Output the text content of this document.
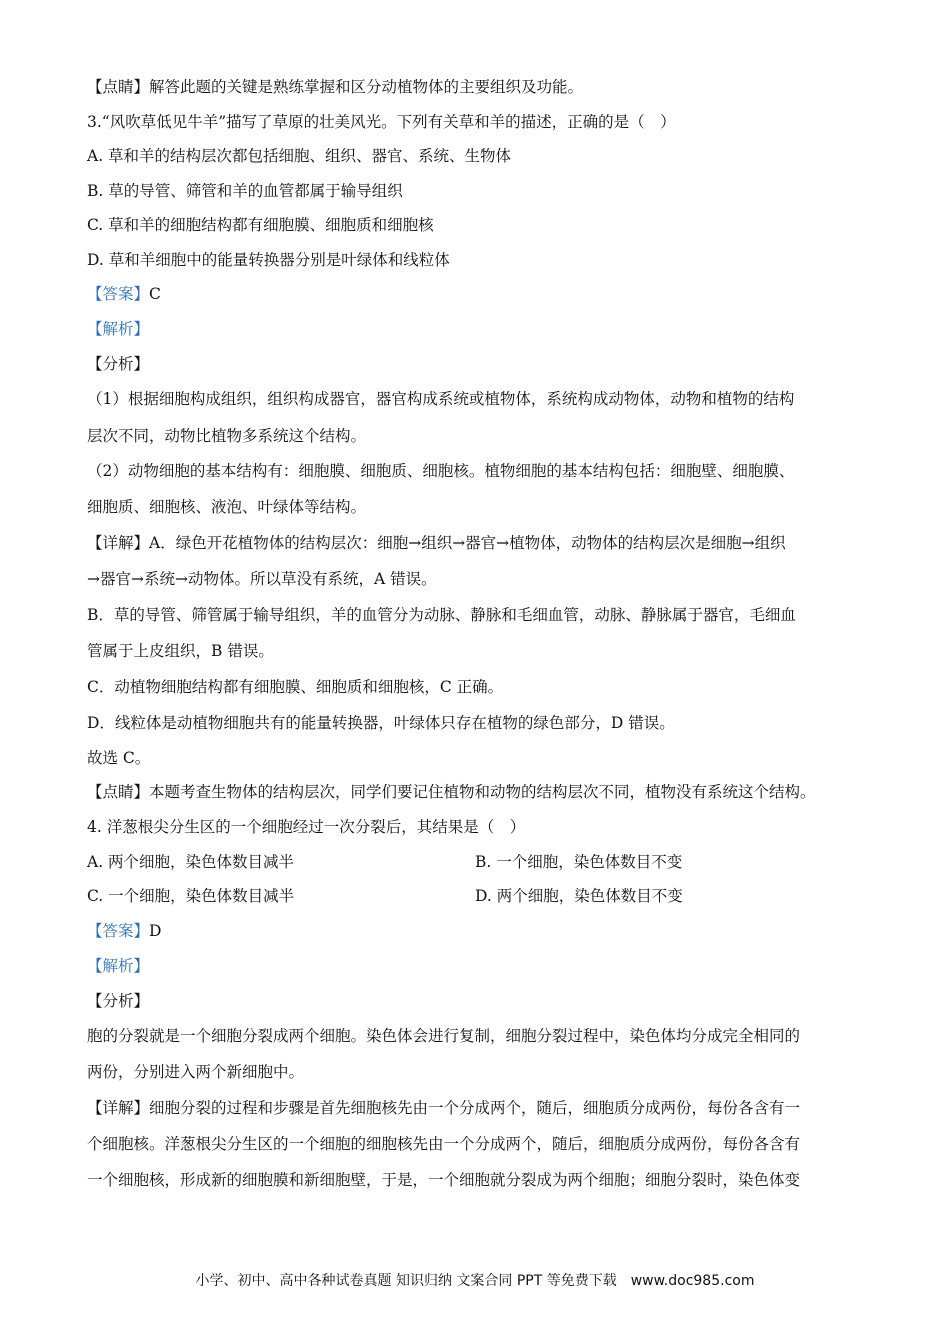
【点睛】解答此题的关键是熟练掌握和区分动植物体的主要组织及功能。
3.“风吹草低见牛羊”描写了草原的壮美风光。下列有关草和羊的描述，正确的是（　）
A. 草和羊的结构层次都包括细胞、组织、器官、系统、生物体
B. 草的导管、筛管和羊的血管都属于输导组织
C. 草和羊的细胞结构都有细胞膜、细胞质和细胞核
D. 草和羊细胞中的能量转换器分别是叶绿体和线粒体
【答案】C
【解析】
【分析】
（1）根据细胞构成组织，组织构成器官，器官构成系统或植物体，系统构成动物体，动物和植物的结构
层次不同，动物比植物多系统这个结构。
（2）动物细胞的基本结构有：细胞膜、细胞质、细胞核。植物细胞的基本结构包括：细胞壁、细胞膜、
细胞质、细胞核、液泡、叶绿体等结构。
【详解】A．绿色开花植物体的结构层次：细胞→组织→器官→植物体，动物体的结构层次是细胞→组织
→器官→系统→动物体。所以草没有系统，A 错误。
B．草的导管、筛管属于输导组织，羊的血管分为动脉、静脉和毛细血管，动脉、静脉属于器官，毛细血
管属于上皮组织，B 错误。
C．动植物细胞结构都有细胞膜、细胞质和细胞核，C 正确。
D．线粒体是动植物细胞共有的能量转换器，叶绿体只存在植物的绿色部分，D 错误。
故选 C。
【点睛】本题考查生物体的结构层次，同学们要记住植物和动物的结构层次不同，植物没有系统这个结构。
4. 洋葱根尖分生区的一个细胞经过一次分裂后，其结果是（　）
A. 两个细胞，染色体数目减半	B. 一个细胞，染色体数目不变
C. 一个细胞，染色体数目减半	D. 两个细胞，染色体数目不变
【答案】D
【解析】
【分析】
胞的分裂就是一个细胞分裂成两个细胞。染色体会进行复制，细胞分裂过程中，染色体均分成完全相同的
两份，分别进入两个新细胞中。
【详解】细胞分裂的过程和步骤是首先细胞核先由一个分成两个，随后，细胞质分成两份，每份各含有一
个细胞核。洋葱根尖分生区的一个细胞的细胞核先由一个分成两个，随后，细胞质分成两份，每份各含有
一个细胞核，形成新的细胞膜和新细胞壁，于是，一个细胞就分裂成为两个细胞；细胞分裂时，染色体变
小学、初中、高中各种试卷真题 知识归纳 文案合同 PPT 等免费下载　www.doc985.com
